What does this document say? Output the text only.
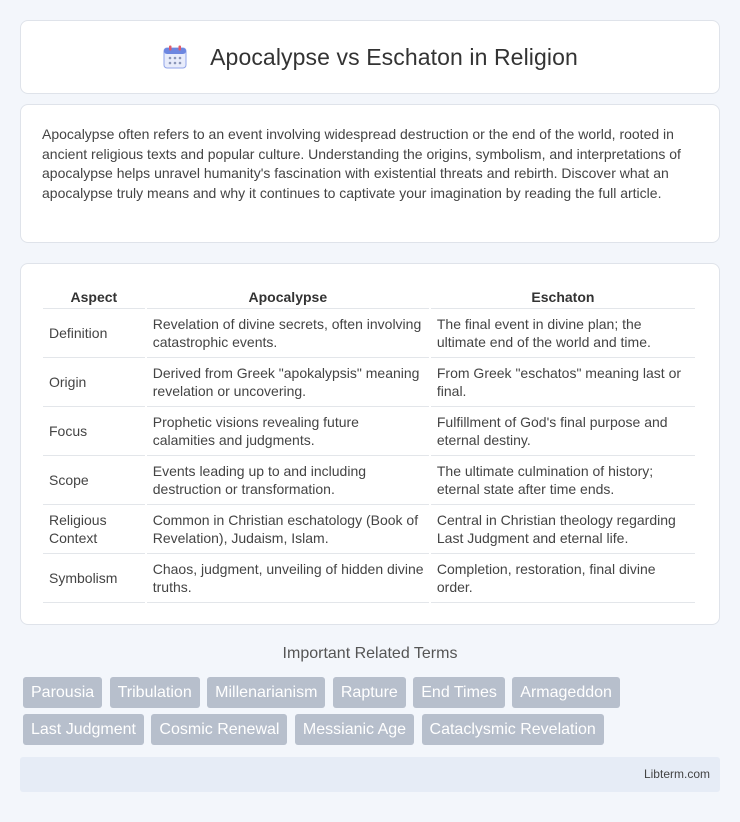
Apocalypse vs Eschaton in Religion

Apocalypse often refers to an event involving widespread destruction or the end of the world, rooted in ancient religious texts and popular culture. Understanding the origins, symbolism, and interpretations of apocalypse helps unravel humanity's fascination with existential threats and rebirth. Discover what an apocalypse truly means and why it continues to captivate your imagination by reading the full article.

Aspect	Apocalypse	Eschaton
Definition	Revelation of divine secrets, often involving catastrophic events.	The final event in divine plan; the ultimate end of the world and time.
Origin	Derived from Greek "apokalypsis" meaning revelation or uncovering.	From Greek "eschatos" meaning last or final.
Focus	Prophetic visions revealing future calamities and judgments.	Fulfillment of God's final purpose and eternal destiny.
Scope	Events leading up to and including destruction or transformation.	The ultimate culmination of history; eternal state after time ends.
Religious Context	Common in Christian eschatology (Book of Revelation), Judaism, Islam.	Central in Christian theology regarding Last Judgment and eternal life.
Symbolism	Chaos, judgment, unveiling of hidden divine truths.	Completion, restoration, final divine order.
Important Related Terms
Parousia Tribulation Millenarianism Rapture End Times Armageddon
Last Judgment Cosmic Renewal Messianic Age Cataclysmic Revelation
Libterm.com
